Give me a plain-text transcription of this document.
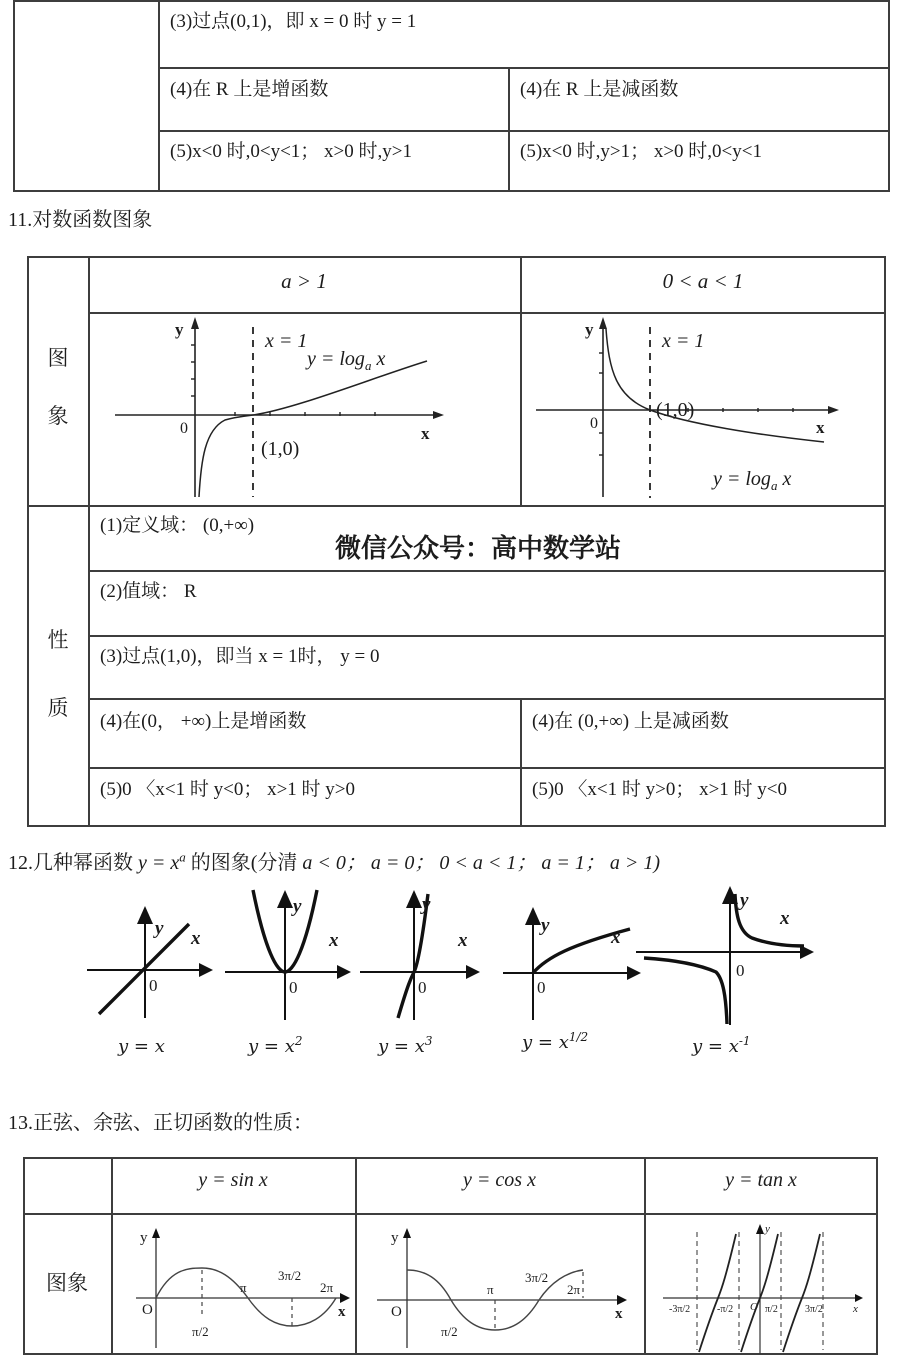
(3)过点(0,1)，即 x = 0 时 y = 1
(4)在 R 上是增函数	(4)在 R 上是减函数
(5)x<0 时,0<y<1； x>0 时,y>1	(5)x<0 时,y>1； x>0 时,0<y<1
11.对数函数图象
a > 1	0 < a < 1
图
象
性
质
y
x
0
x = 1
$y = \log_a x$
(1,0)
y
x
0
x = 1
(1,0)
$y = \log_a x$
(1)定义域： (0,+∞)
微信公众号：高中数学站
(2)值域： R
(3)过点(1,0)，即当 x = 1时， y = 0
(4)在(0， +∞)上是增函数	(4)在 (0,+∞) 上是减函数
(5)0 〈x<1 时 y<0； x>1 时 y>0	(5)0 〈x<1 时 y>0； x>1 时 y<0
12.几种幂函数 $y = x^a$ 的图象(分清 a < 0； a = 0； 0 < a < 1； a = 1； a > 1)
y x
0
y
x
0
y
x
0
y
x
0
y
x
0
y = x	$y = x^2$	$y = x^3$	$y = x^{1/2}$	$y = x^{-1}$
13.正弦、余弦、正切函数的性质：
y = sin x	y = cos x	y = tan x
图象
y
x
O
π/2
π
3π/2
2π
y
x
O
π/2
π
3π/2
2π
y
x
O
-3π/2	-π/2	π/2	3π/2
